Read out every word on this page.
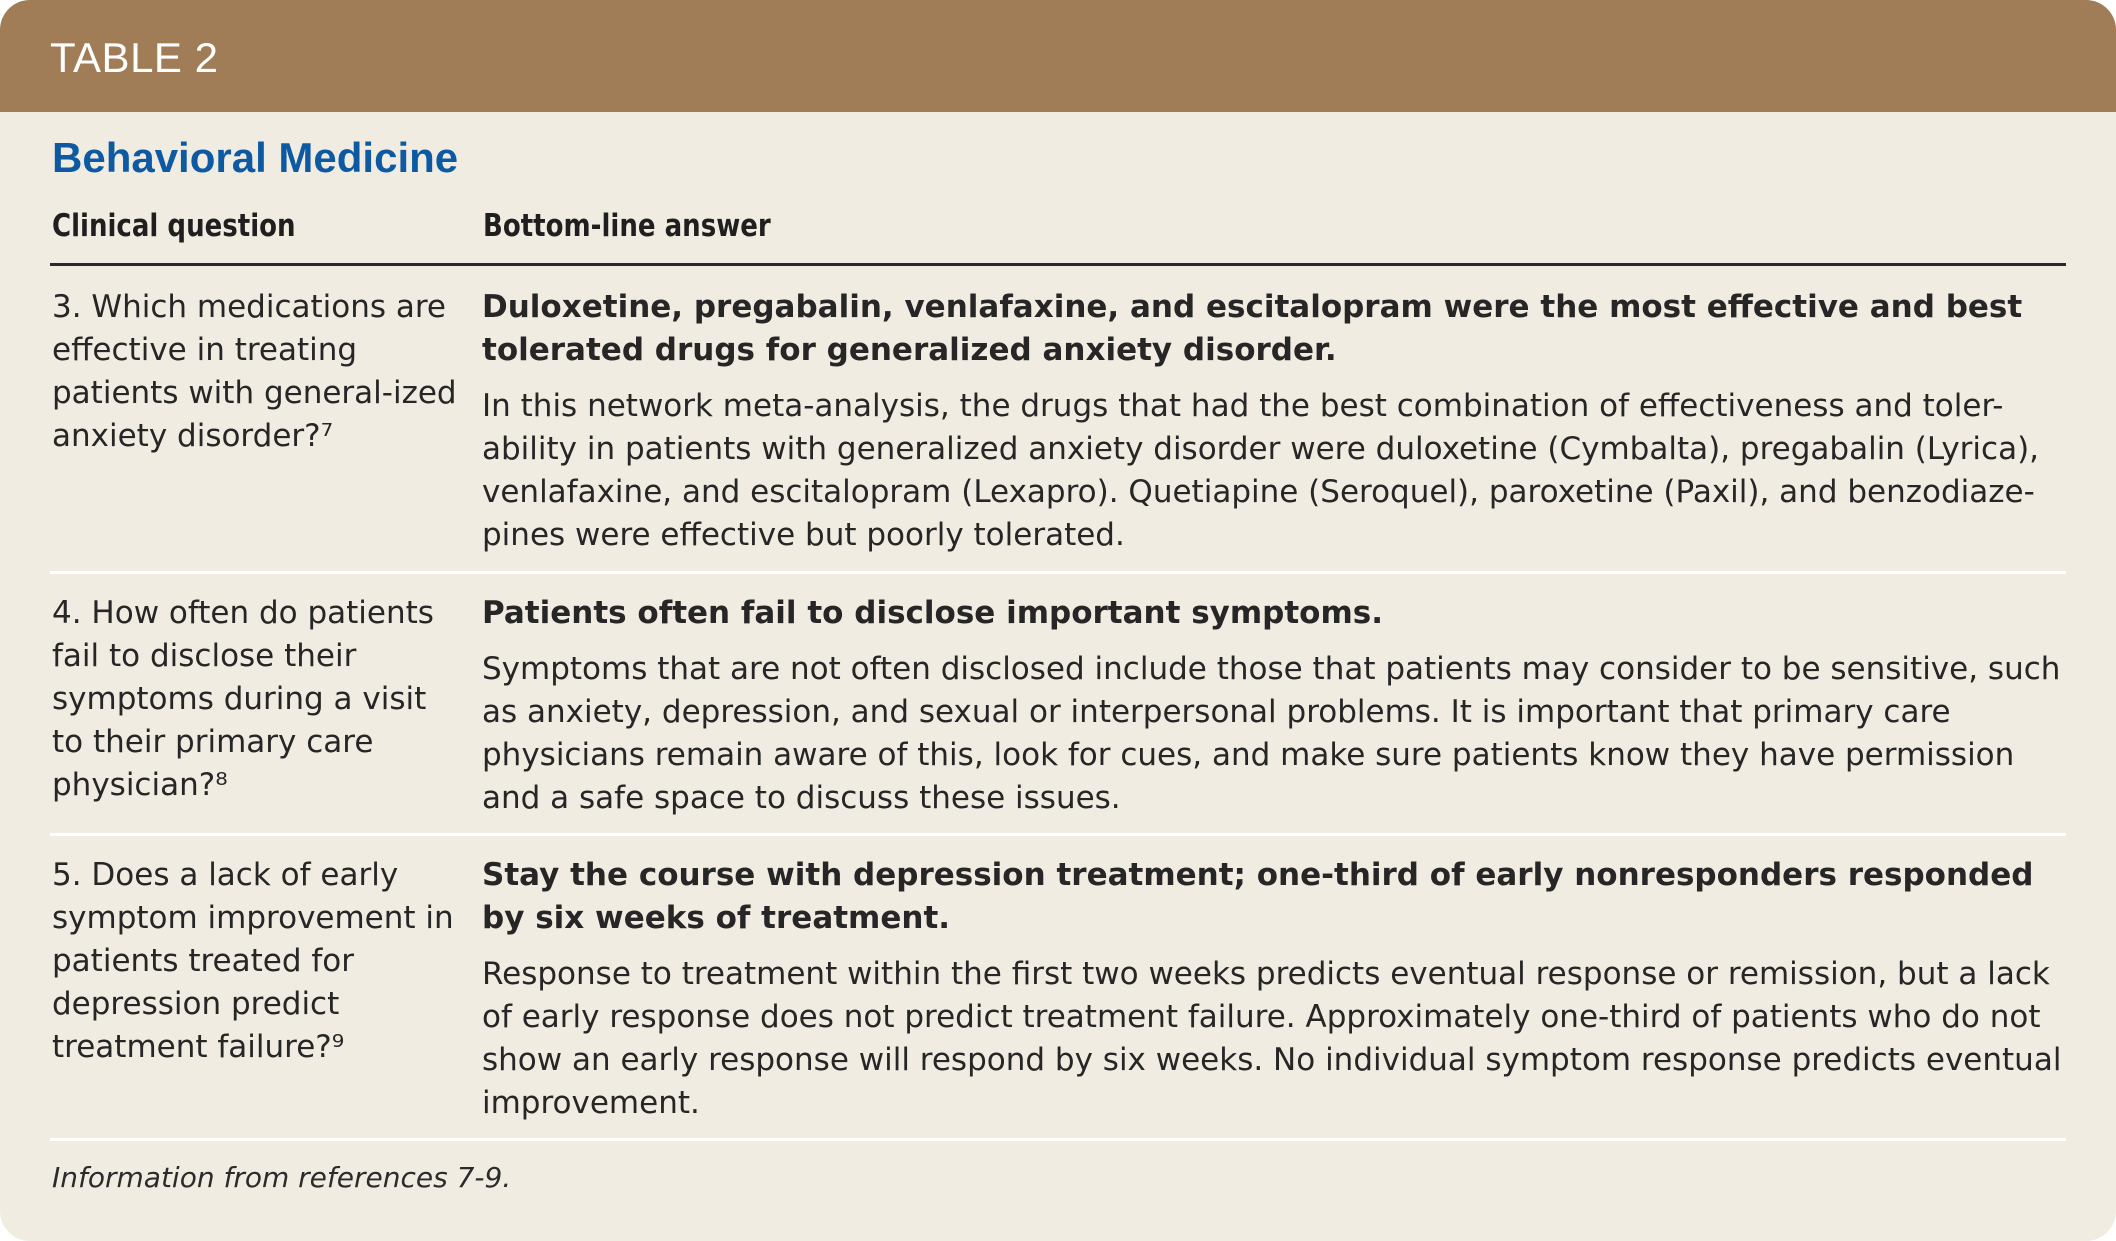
TABLE 2
Behavioral Medicine
Clinical question	Bottom-line answer
3. Which medications are effective in treating patients with general-ized anxiety disorder?⁷
Duloxetine, pregabalin, venlafaxine, and escitalopram were the most effective and best tolerated drugs for generalized anxiety disorder.
In this network meta-analysis, the drugs that had the best combination of effectiveness and toler-ability in patients with generalized anxiety disorder were duloxetine (Cymbalta), pregabalin (Lyrica), venlafaxine, and escitalopram (Lexapro). Quetiapine (Seroquel), paroxetine (Paxil), and benzodiaze-pines were effective but poorly tolerated.
4. How often do patients fail to disclose their symptoms during a visit to their primary care physician?⁸
Patients often fail to disclose important symptoms.
Symptoms that are not often disclosed include those that patients may consider to be sensitive, such as anxiety, depression, and sexual or interpersonal problems. It is important that primary care physicians remain aware of this, look for cues, and make sure patients know they have permission and a safe space to discuss these issues.
5. Does a lack of early symptom improvement in patients treated for depression predict treatment failure?⁹
Stay the course with depression treatment; one-third of early nonresponders responded by six weeks of treatment.
Response to treatment within the first two weeks predicts eventual response or remission, but a lack of early response does not predict treatment failure. Approximately one-third of patients who do not show an early response will respond by six weeks. No individual symptom response predicts eventual improvement.
Information from references 7-9.
